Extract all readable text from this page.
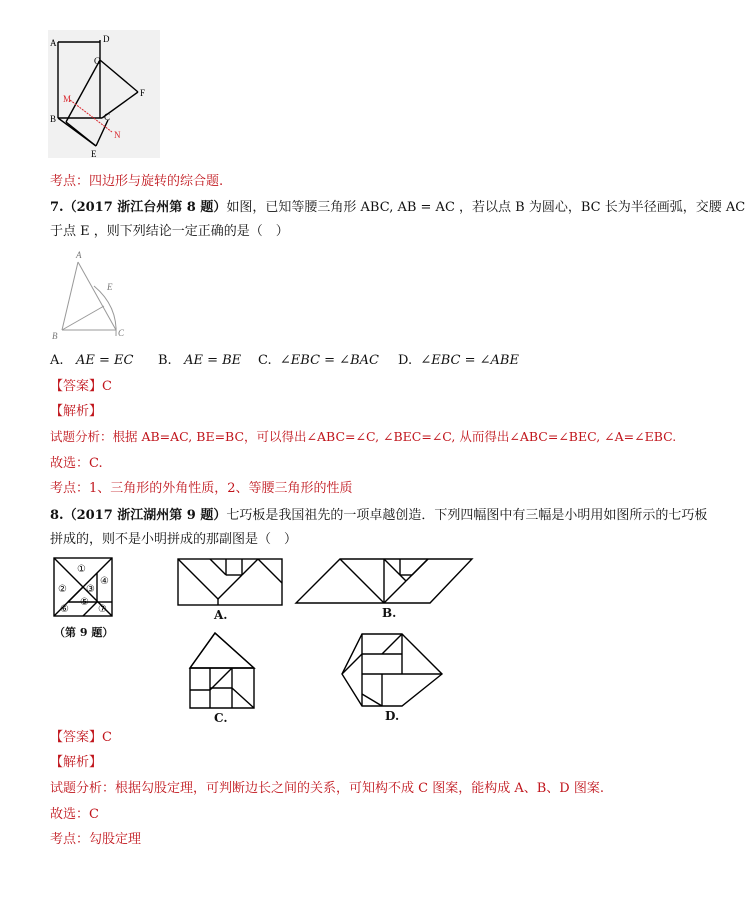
A	D
G
F
M
B	C
N
E
考点：四边形与旋转的综合题.
7.（2017 浙江台州第 8 题）如图，已知等腰三角形 ABC, AB = AC ，若以点 B 为圆心，BC 长为半径画弧，交腰 AC
于点 E ，则下列结论一定正确的是（　）
A
E
B	C
A. AE = EC B. AE = BE C. ∠EBC = ∠BAC D. ∠EBC = ∠ABE
【答案】C
【解析】
试题分析：根据 AB=AC, BE=BC，可以得出∠ABC=∠C, ∠BEC=∠C, 从而得出∠ABC=∠BEC, ∠A=∠EBC.
故选：C.
考点：1、三角形的外角性质，2、等腰三角形的性质
8.（2017 浙江湖州第 9 题）七巧板是我国祖先的一项卓越创造．下列四幅图中有三幅是小明用如图所示的七巧板
拼成的，则不是小明拼成的那副图是（　）
①
② ③
④
⑤
⑥	⑦
（第 9 题）
A.	B.
C.	D.
【答案】C
【解析】
试题分析：根据勾股定理，可判断边长之间的关系，可知构不成 C 图案，能构成 A、B、D 图案.
故选：C
考点：勾股定理
